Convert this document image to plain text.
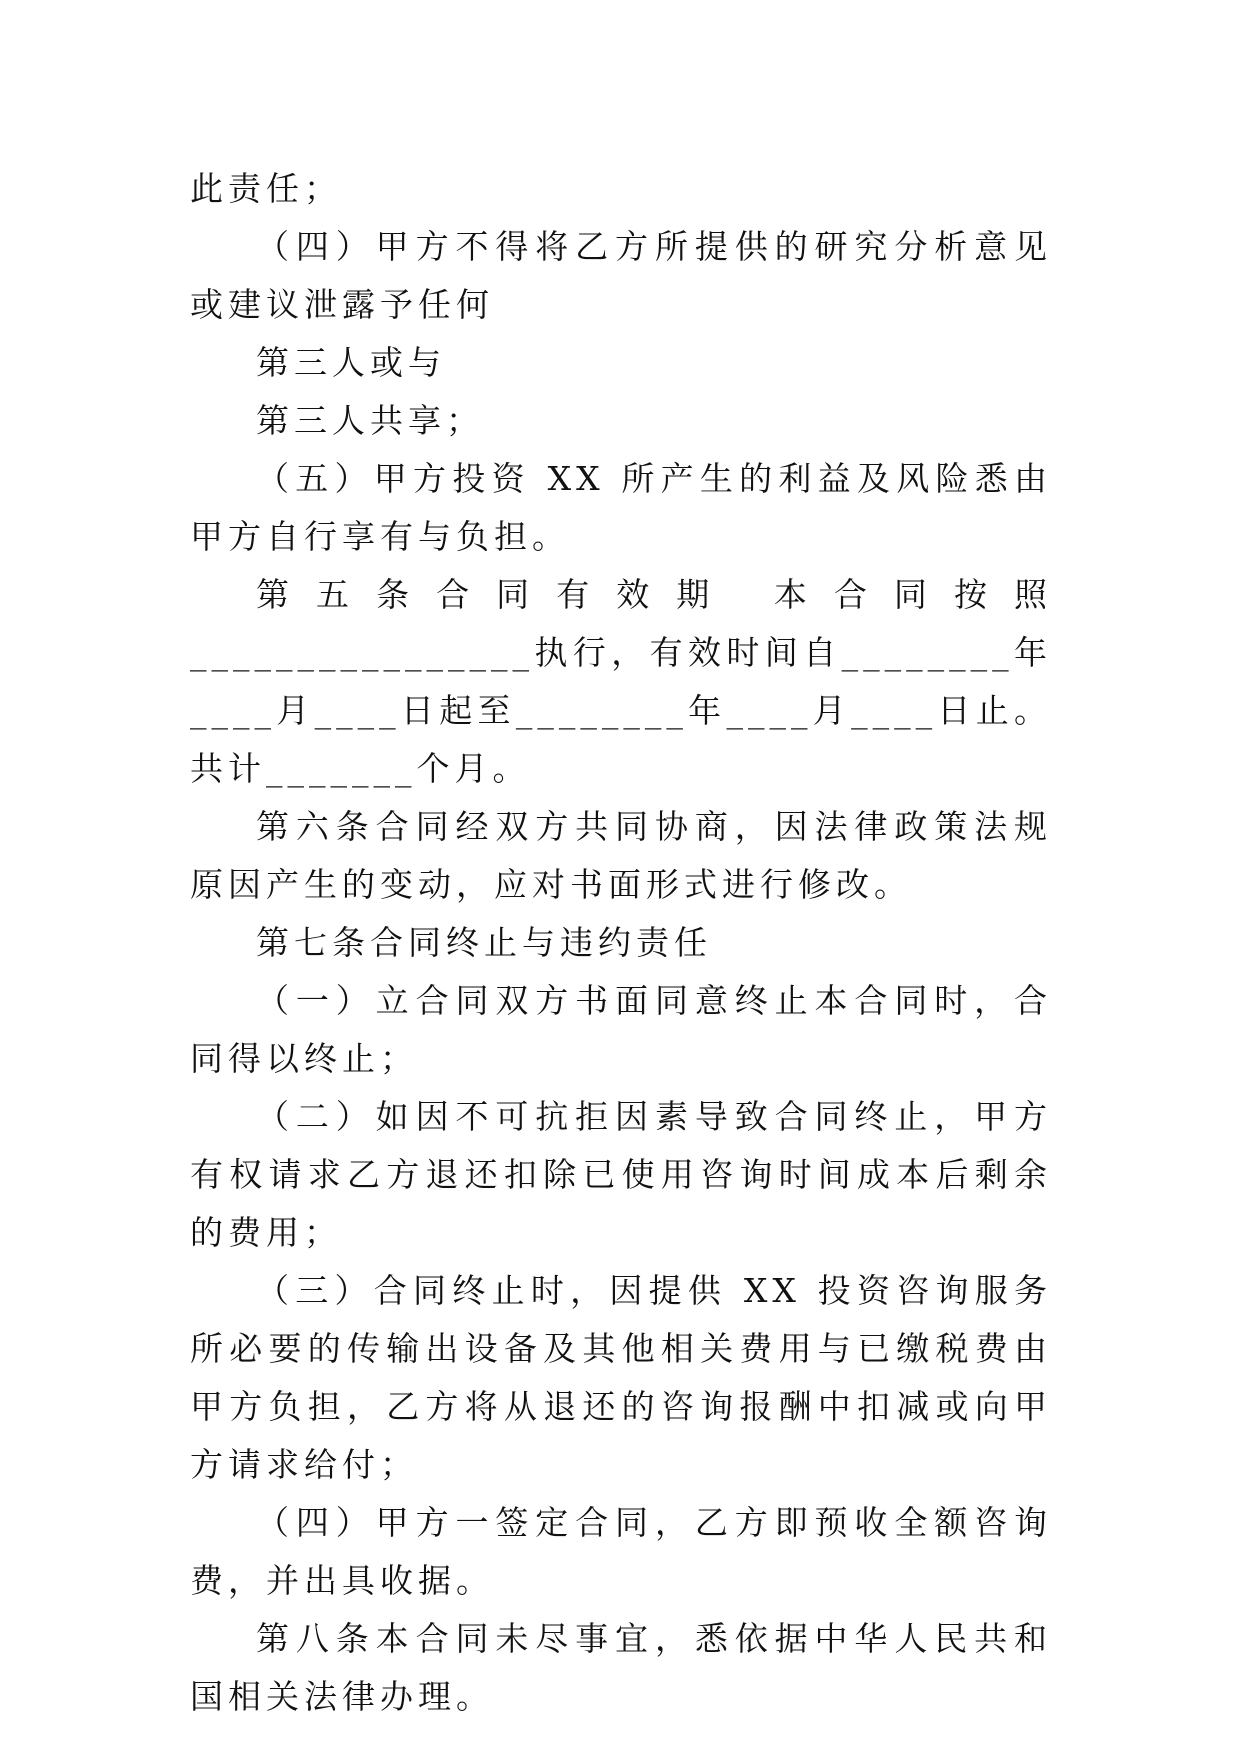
此责任；

（四）甲方不得将乙方所提供的研究分析意见或建议泄露予任何

第三人或与

第三人共享；

（五）甲方投资 XX 所产生的利益及风险悉由甲方自行享有与负担。

第五条合同有效期 本合同按照________________执行，有效时间自________年____月____日起至________年____月____日止。 共计_______个月。

第六条合同经双方共同协商，因法律政策法规原因产生的变动，应对书面形式进行修改。

第七条合同终止与违约责任

（一）立合同双方书面同意终止本合同时，合同得以终止；

（二）如因不可抗拒因素导致合同终止，甲方有权请求乙方退还扣除已使用咨询时间成本后剩余的费用；

（三）合同终止时，因提供 XX 投资咨询服务所必要的传输出设备及其他相关费用与已缴税费由甲方负担，乙方将从退还的咨询报酬中扣减或向甲方请求给付；

（四）甲方一签定合同，乙方即预收全额咨询费，并出具收据。

第八条本合同未尽事宜，悉依据中华人民共和国相关法律办理。
